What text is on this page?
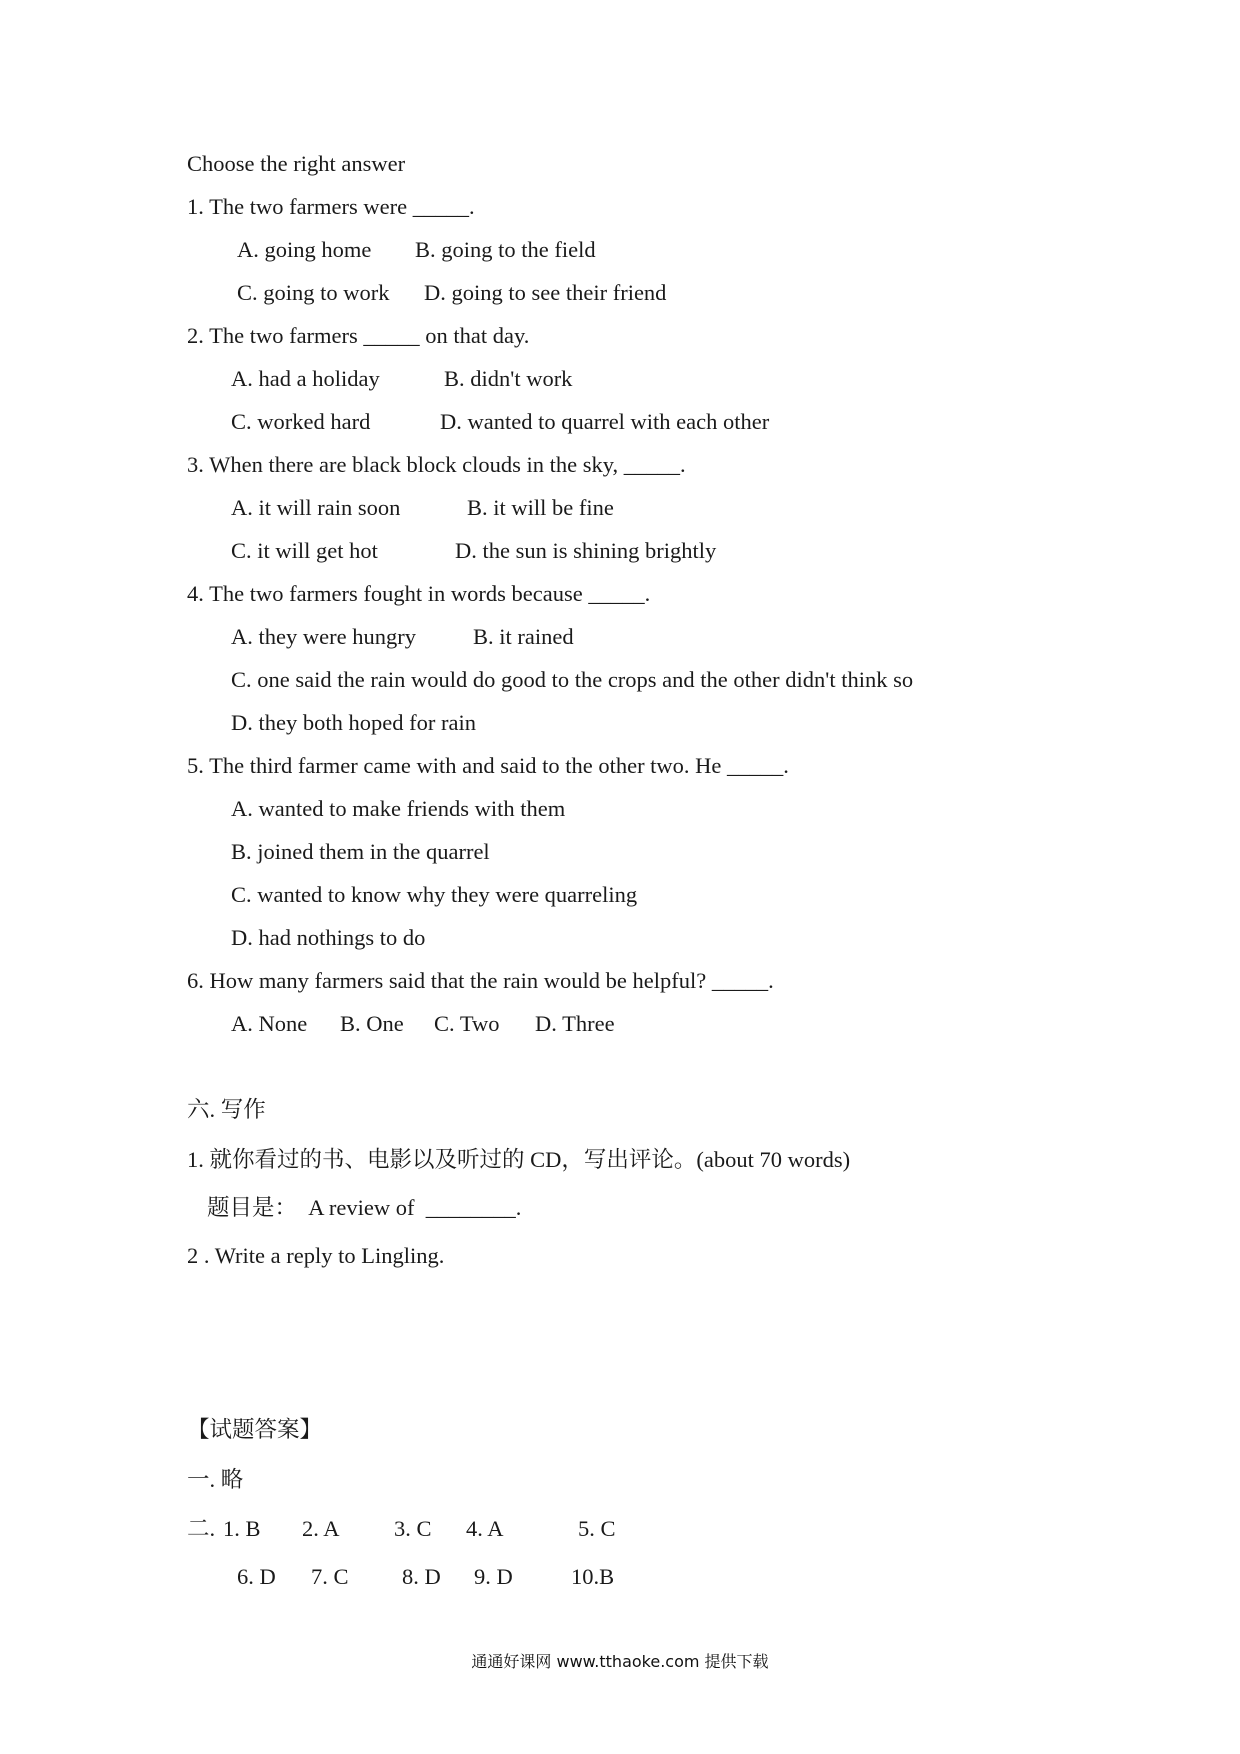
Choose the right answer
1. The two farmers were _____.
A. going home B. going to the field
C. going to work D. going to see their friend
2. The two farmers _____ on that day.
A. had a holiday	B. didn't work
C. worked hard	D. wanted to quarrel with each other
3. When there are black block clouds in the sky, _____.
A. it will rain soon	B. it will be fine
C. it will get hot	D. the sun is shining brightly
4. The two farmers fought in words because _____.
A. they were hungry	B. it rained
C. one said the rain would do good to the crops and the other didn't think so
D. they both hoped for rain
5. The third farmer came with and said to the other two. He _____.
A. wanted to make friends with them
B. joined them in the quarrel
C. wanted to know why they were quarreling
D. had nothings to do
6. How many farmers said that the rain would be helpful? _____.
A. None B. One C. Two D. Three
六. 写作
1. 就你看过的书、电影以及听过的 CD，写出评论。(about 70 words)
题目是：  A review of  ________.
2 . Write a reply to Lingling.
【试题答案】
一. 略
二. 1. B 2. A 3. C 4. A	5. C
6. D 7. C 8. D 9. D	10.B
通通好课网 www.tthaoke.com 提供下载
